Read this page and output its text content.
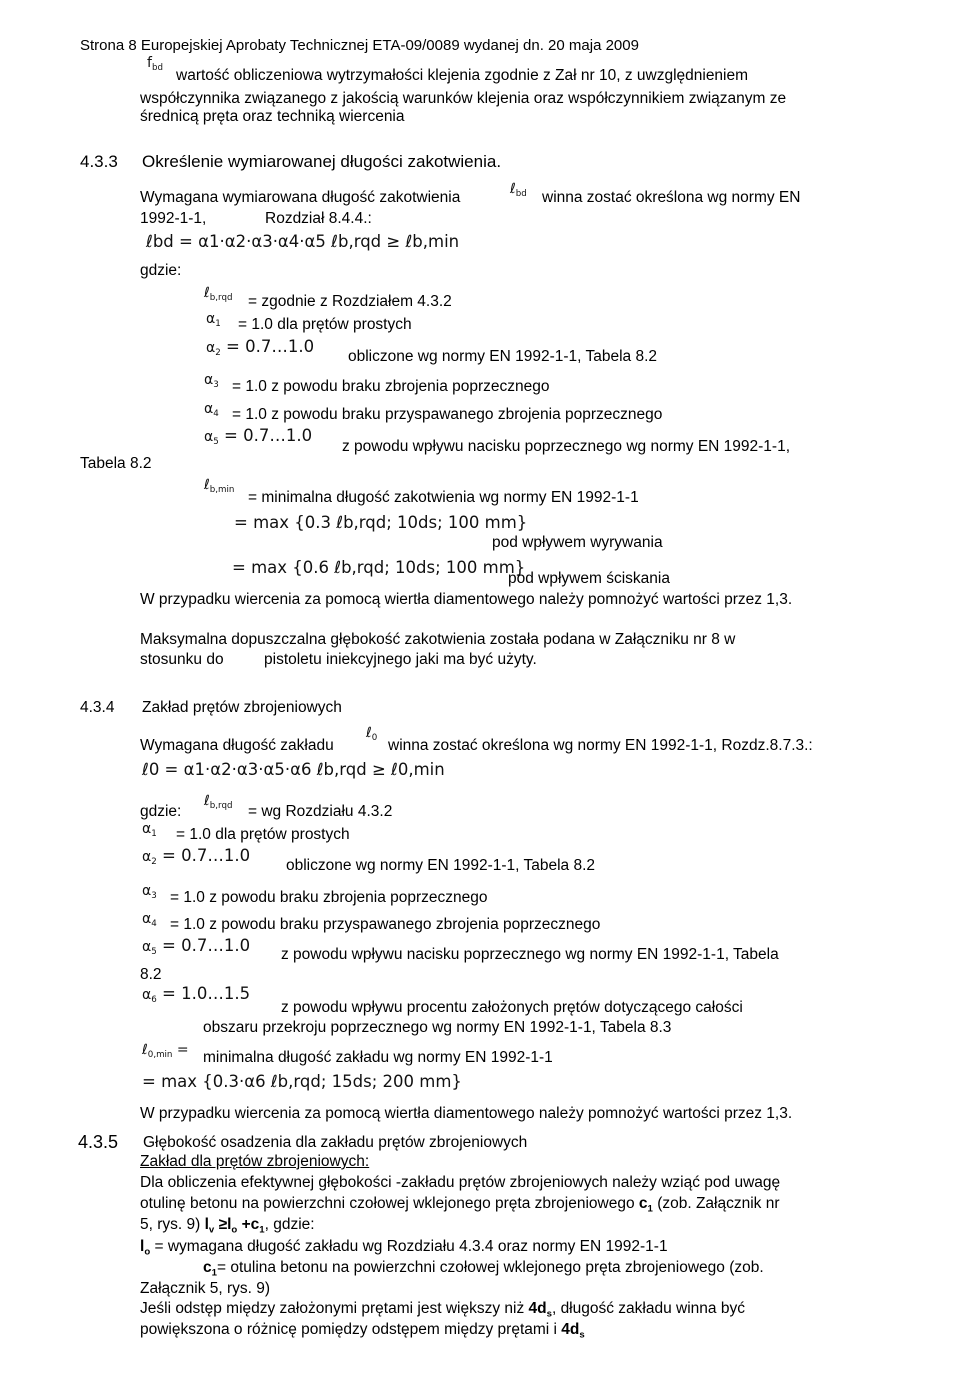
Strona 8 Europejskiej Aprobaty Technicznej ETA-09/0089 wydanej dn. 20 maja 2009
$f_{bd}$ wartość obliczeniowa wytrzymałości klejenia zgodnie z Zał nr 10, z uwzględnieniem
współczynnika związanego z jakością warunków klejenia oraz współczynnikiem związanym ze
średnicą pręta oraz techniką wiercenia
4.3.3 Określenie wymiarowanej długości zakotwienia.
Wymagana wymiarowana długość zakotwienia	ℓ$_{bd}$ winna zostać określona wg normy EN
1992-1-1,	Rozdział 8.4.4.:
ℓbd = α1·α2·α3·α4·α5 ℓb,rqd ≥ ℓb,min
gdzie:
ℓ$_{b,rqd}$ = zgodnie z Rozdziałem 4.3.2
$\alpha_1 = 1.0$ dla prętów prostych
$\alpha_2$ = 0.7…1.0
obliczone wg normy EN 1992-1-1, Tabela 8.2
$\alpha_3 = 1.0$ z powodu braku zbrojenia poprzecznego
$\alpha_4 = 1.0$ z powodu braku przyspawanego zbrojenia poprzecznego
$\alpha_5$ = 0.7…1.0
z powodu wpływu nacisku poprzecznego wg normy EN 1992-1-1,
Tabela 8.2
ℓ$_{b,min}$ = minimalna długość zakotwienia wg normy EN 1992-1-1
= max {0.3 ℓb,rqd; 10ds; 100 mm}
pod wpływem wyrywania
= max {0.6 ℓb,rqd; 10ds; 100 mm}
pod wpływem ściskania
W przypadku wiercenia za pomocą wiertła diamentowego należy pomnożyć wartości przez 1,3.
Maksymalna dopuszczalna głębokość zakotwienia została podana w Załączniku nr 8 w
stosunku do	pistoletu iniekcyjnego jaki ma być użyty.
4.3.4 Zakład prętów zbrojeniowych
Wymagana długość zakładu
ℓ$_0$ winna zostać określona wg normy EN 1992-1-1, Rozdz.8.7.3.:
ℓ0 = α1·α2·α3·α5·α6 ℓb,rqd ≥ ℓ0,min
gdzie:
ℓ$_{b,rqd}$ = wg Rozdziału 4.3.2
$\alpha_1 = 1.0$ dla prętów prostych
$\alpha_2$ = 0.7…1.0
obliczone wg normy EN 1992-1-1, Tabela 8.2
$\alpha_3 = 1.0$ z powodu braku zbrojenia poprzecznego
$\alpha_4 = 1.0$ z powodu braku przyspawanego zbrojenia poprzecznego
$\alpha_5$ = 0.7…1.0 z powodu wpływu nacisku poprzecznego wg normy EN 1992-1-1, Tabela
8.2
$\alpha_6$ = 1.0…1.5
z powodu wpływu procentu założonych prętów dotyczącego całości
obszaru przekroju poprzecznego wg normy EN 1992-1-1, Tabela 8.3
ℓ$_{0,min}$ = minimalna długość zakładu wg normy EN 1992-1-1
= max {0.3·α6 ℓb,rqd; 15ds; 200 mm}
W przypadku wiercenia za pomocą wiertła diamentowego należy pomnożyć wartości przez 1,3.
4.3.5 Głębokość osadzenia dla zakładu prętów zbrojeniowych
Zakład dla prętów zbrojeniowych:
Dla obliczenia efektywnej głębokości -zakładu prętów zbrojeniowych należy wziąć pod uwagę
otulinę betonu na powierzchni czołowej wklejonego pręta zbrojeniowego $c_1$ (zob. Załącznik nr
5, rys. 9) $l_v \ge l_o +c_1$, gdzie:
$l_o$ = wymagana długość zakładu wg Rozdziału 4.3.4 oraz normy EN 1992-1-1
$c_1=$ otulina betonu na powierzchni czołowej wklejonego pręta zbrojeniowego (zob.
Załącznik 5, rys. 9)
Jeśli odstęp między założonymi prętami jest większy niż $4d_s$, długość zakładu winna być
powiększona o różnicę pomiędzy odstępem między prętami i $4d_s$
